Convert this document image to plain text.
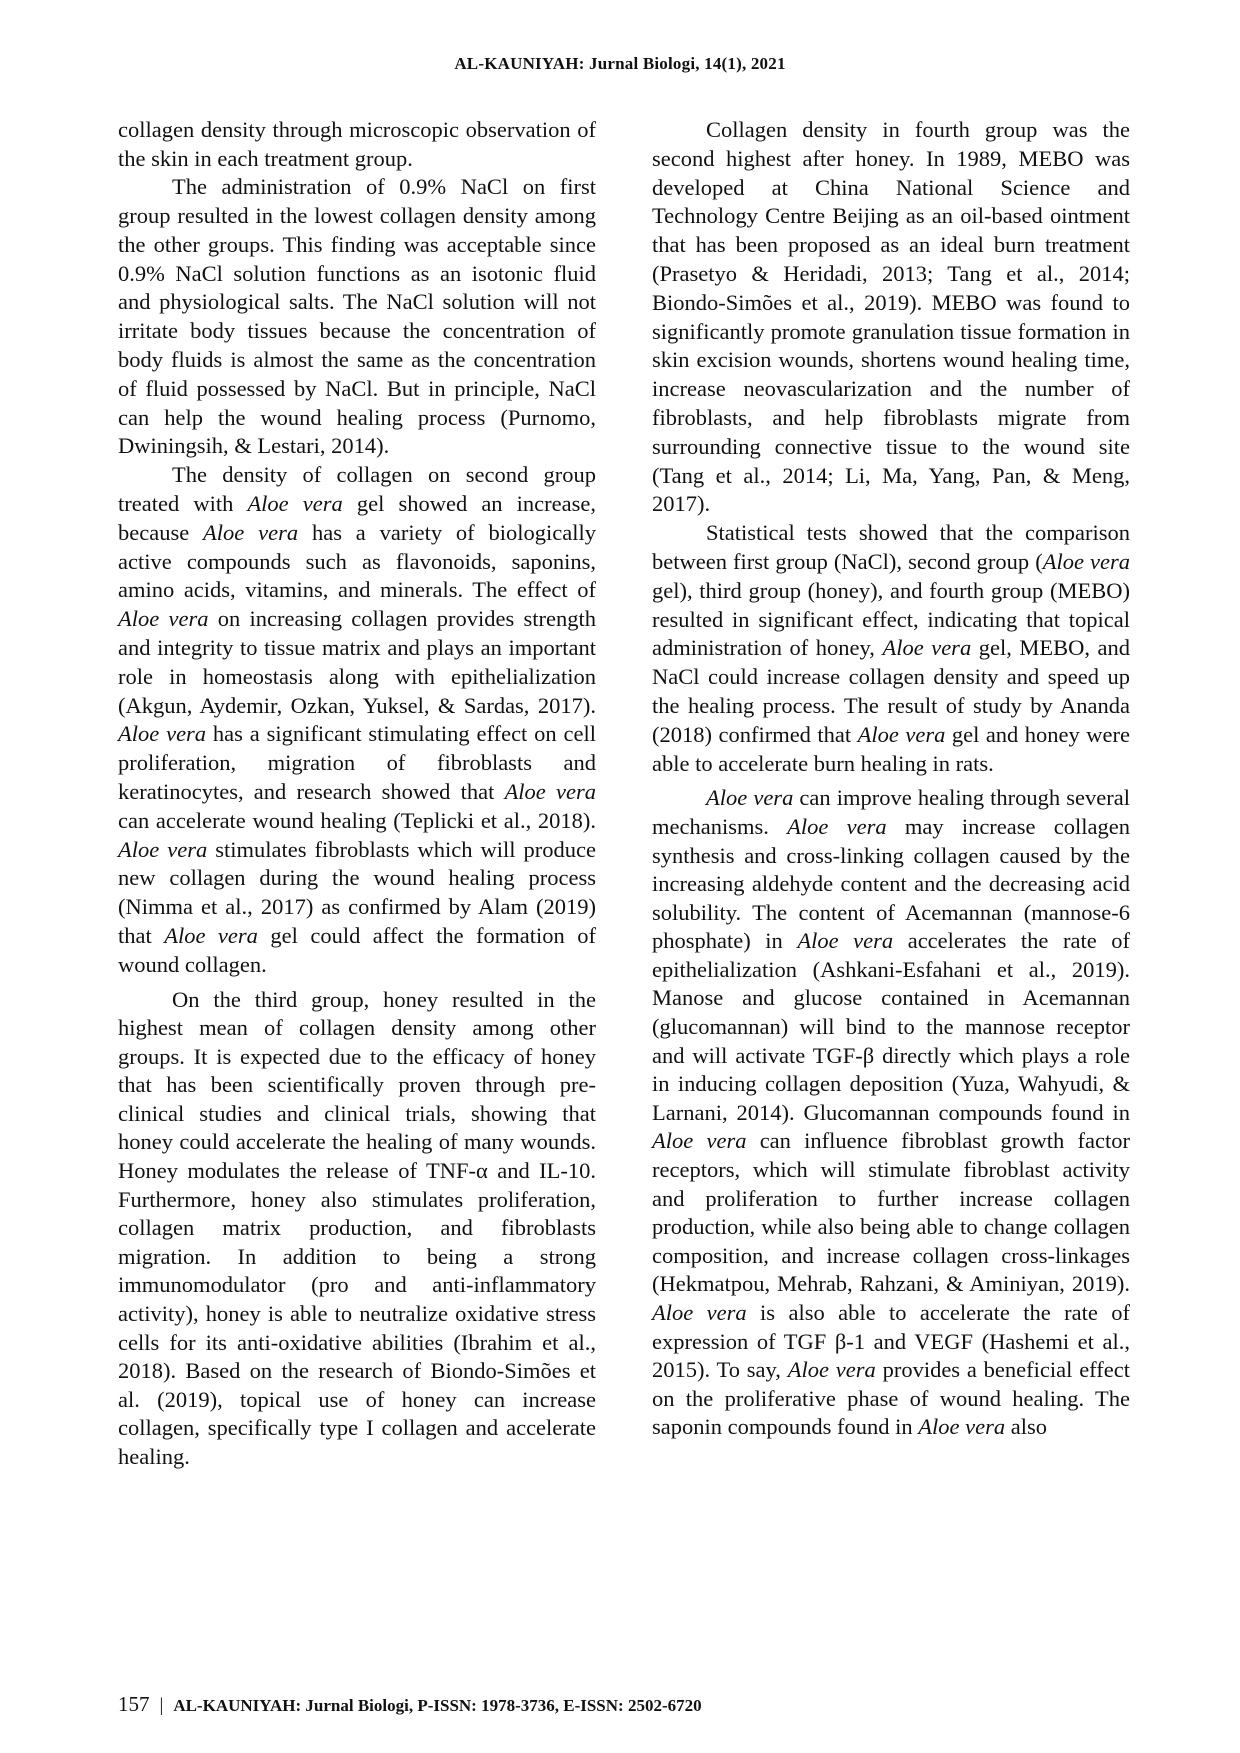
AL-KAUNIYAH: Jurnal Biologi, 14(1), 2021

collagen density through microscopic observation of the skin in each treatment group.

The administration of 0.9% NaCl on first group resulted in the lowest collagen density among the other groups. This finding was acceptable since 0.9% NaCl solution functions as an isotonic fluid and physiological salts. The NaCl solution will not irritate body tissues because the concentration of body fluids is almost the same as the concentration of fluid possessed by NaCl. But in principle, NaCl can help the wound healing process (Purnomo, Dwiningsih, & Lestari, 2014).

The density of collagen on second group treated with Aloe vera gel showed an increase, because Aloe vera has a variety of biologically active compounds such as flavonoids, saponins, amino acids, vitamins, and minerals. The effect of Aloe vera on increasing collagen provides strength and integrity to tissue matrix and plays an important role in homeostasis along with epithelialization (Akgun, Aydemir, Ozkan, Yuksel, & Sardas, 2017). Aloe vera has a significant stimulating effect on cell proliferation, migration of fibroblasts and keratinocytes, and research showed that Aloe vera can accelerate wound healing (Teplicki et al., 2018). Aloe vera stimulates fibroblasts which will produce new collagen during the wound healing process (Nimma et al., 2017) as confirmed by Alam (2019) that Aloe vera gel could affect the formation of wound collagen.

On the third group, honey resulted in the highest mean of collagen density among other groups. It is expected due to the efficacy of honey that has been scientifically proven through pre-clinical studies and clinical trials, showing that honey could accelerate the healing of many wounds. Honey modulates the release of TNF-α and IL-10. Furthermore, honey also stimulates proliferation, collagen matrix production, and fibroblasts migration. In addition to being a strong immunomodulator (pro and anti-inflammatory activity), honey is able to neutralize oxidative stress cells for its anti-oxidative abilities (Ibrahim et al., 2018). Based on the research of Biondo-Simões et al. (2019), topical use of honey can increase collagen, specifically type I collagen and accelerate healing.

Collagen density in fourth group was the second highest after honey. In 1989, MEBO was developed at China National Science and Technology Centre Beijing as an oil-based ointment that has been proposed as an ideal burn treatment (Prasetyo & Heridadi, 2013; Tang et al., 2014; Biondo-Simões et al., 2019). MEBO was found to significantly promote granulation tissue formation in skin excision wounds, shortens wound healing time, increase neovascularization and the number of fibroblasts, and help fibroblasts migrate from surrounding connective tissue to the wound site (Tang et al., 2014; Li, Ma, Yang, Pan, & Meng, 2017).

Statistical tests showed that the comparison between first group (NaCl), second group (Aloe vera gel), third group (honey), and fourth group (MEBO) resulted in significant effect, indicating that topical administration of honey, Aloe vera gel, MEBO, and NaCl could increase collagen density and speed up the healing process. The result of study by Ananda (2018) confirmed that Aloe vera gel and honey were able to accelerate burn healing in rats.

Aloe vera can improve healing through several mechanisms. Aloe vera may increase collagen synthesis and cross-linking collagen caused by the increasing aldehyde content and the decreasing acid solubility. The content of Acemannan (mannose-6 phosphate) in Aloe vera accelerates the rate of epithelialization (Ashkani-Esfahani et al., 2019). Manose and glucose contained in Acemannan (glucomannan) will bind to the mannose receptor and will activate TGF-β directly which plays a role in inducing collagen deposition (Yuza, Wahyudi, & Larnani, 2014). Glucomannan compounds found in Aloe vera can influence fibroblast growth factor receptors, which will stimulate fibroblast activity and proliferation to further increase collagen production, while also being able to change collagen composition, and increase collagen cross-linkages (Hekmatpou, Mehrab, Rahzani, & Aminiyan, 2019). Aloe vera is also able to accelerate the rate of expression of TGF β-1 and VEGF (Hashemi et al., 2015). To say, Aloe vera provides a beneficial effect on the proliferative phase of wound healing. The saponin compounds found in Aloe vera also

157 | AL-KAUNIYAH: Jurnal Biologi, P-ISSN: 1978-3736, E-ISSN: 2502-6720
